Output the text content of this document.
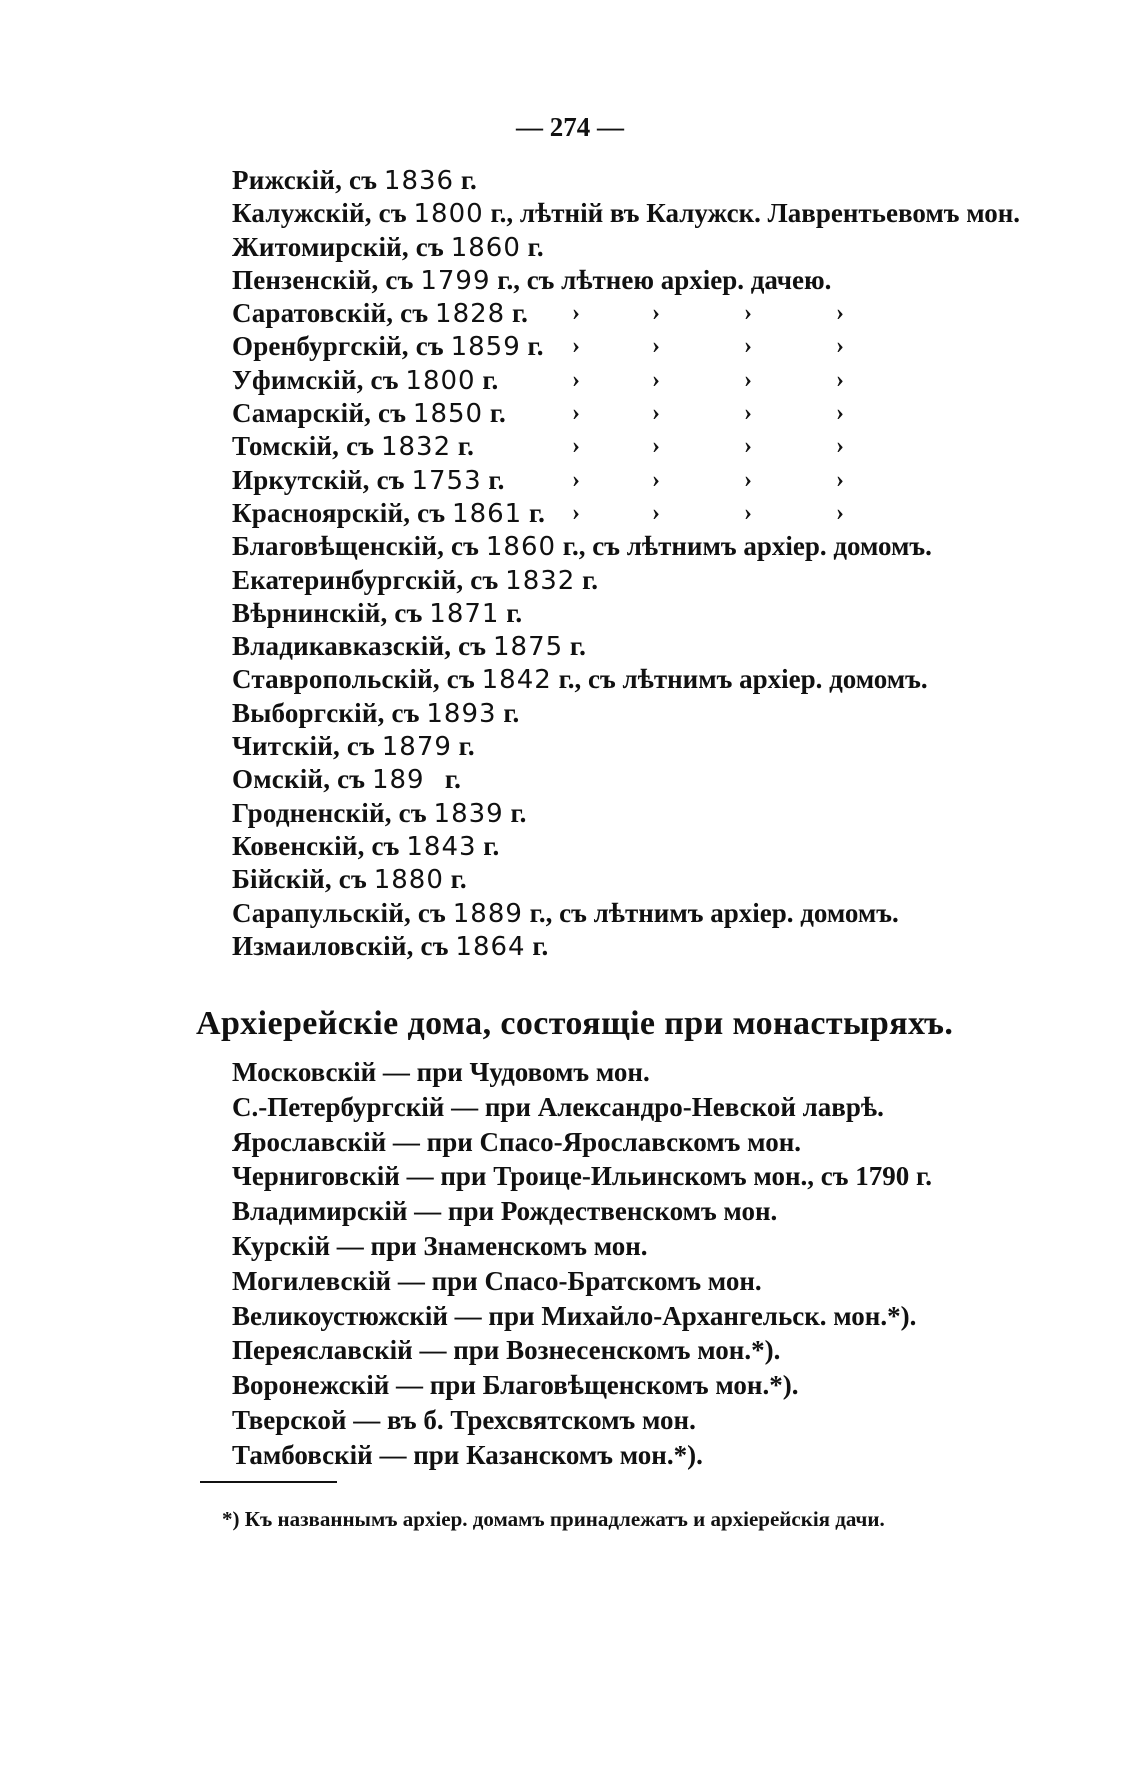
— 274 —
Рижскій, съ 1836 г.
Калужскій, съ 1800 г., лѣтній въ Калужск. Лаврентьевомъ мон.
Житомирскій, съ 1860 г.
Пензенскій, съ 1799 г., съ лѣтнею архіер. дачею.
Саратовскій, съ 1828 г. ›	›	›	›
Оренбургскій, съ 1859 г. ›	›	›	›
Уфимскій, съ 1800 г.	›	›	›	›
Самарскій, съ 1850 г.	›	›	›	›
Томскій, съ 1832 г.	›	›	›	›
Иркутскій, съ 1753 г.	›	›	›	›
Красноярскій, съ 1861 г. ›	›	›	›
Благовѣщенскій, съ 1860 г., съ лѣтнимъ архіер. домомъ.
Екатеринбургскій, съ 1832 г.
Вѣрнинскій, съ 1871 г.
Владикавказскій, съ 1875 г.
Ставропольскій, съ 1842 г., съ лѣтнимъ архіер. домомъ.
Выборгскій, съ 1893 г.
Читскій, съ 1879 г.
Омскій, съ 189 г.
Гродненскій, съ 1839 г.
Ковенскій, съ 1843 г.
Бійскій, съ 1880 г.
Сарапульскій, съ 1889 г., съ лѣтнимъ архіер. домомъ.
Измаиловскій, съ 1864 г.
Архіерейскіе дома, состоящіе при монастыряхъ.
Московскій — при Чудовомъ мон.
С.-Петербургскій — при Александро-Невской лаврѣ.
Ярославскій — при Спасо-Ярославскомъ мон.
Черниговскій — при Троице-Ильинскомъ мон., съ 1790 г.
Владимирскій — при Рождественскомъ мон.
Курскій — при Знаменскомъ мон.
Могилевскій — при Спасо-Братскомъ мон.
Великоустюжскій — при Михайло-Архангельск. мон.*).
Переяславскій — при Вознесенскомъ мон.*).
Воронежскій — при Благовѣщенскомъ мон.*).
Тверской — въ б. Трехсвятскомъ мон.
Тамбовскій — при Казанскомъ мон.*).
*) Къ названнымъ архіер. домамъ принадлежатъ и архіерейскія дачи.
